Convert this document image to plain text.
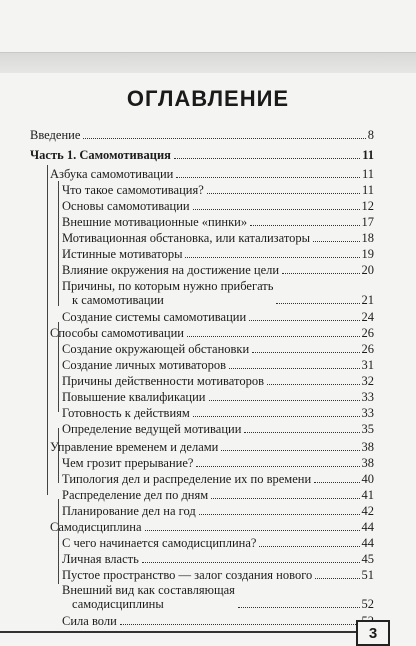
ОГЛАВЛЕНИЕ
Введение	8
Часть 1. Самомотивация	11
Азбука самомотивации	11
Что такое самомотивация?	11
Основы самомотивации	12
Внешние мотивационные «пинки»	17
Мотивационная обстановка, или катализаторы	18
Истинные мотиваторы	19
Влияние окружения на достижение цели	20
Причины, по которым нужно прибегать
к самомотивации	21
Создание системы самомотивации	24
Способы самомотивации	26
Создание окружающей обстановки	26
Создание личных мотиваторов	31
Причины действенности мотиваторов	32
Повышение квалификации	33
Готовность к действиям	33
Определение ведущей мотивации	35
Управление временем и делами	38
Чем грозит прерывание?	38
Типология дел и распределение их по времени	40
Распределение дел по дням	41
Планирование дел на год	42
Самодисциплина	44
С чего начинается самодисциплина?	44
Личная власть	45
Пустое пространство — залог создания нового	51
Внешний вид как составляющая
самодисциплины	52
Сила воли
3
